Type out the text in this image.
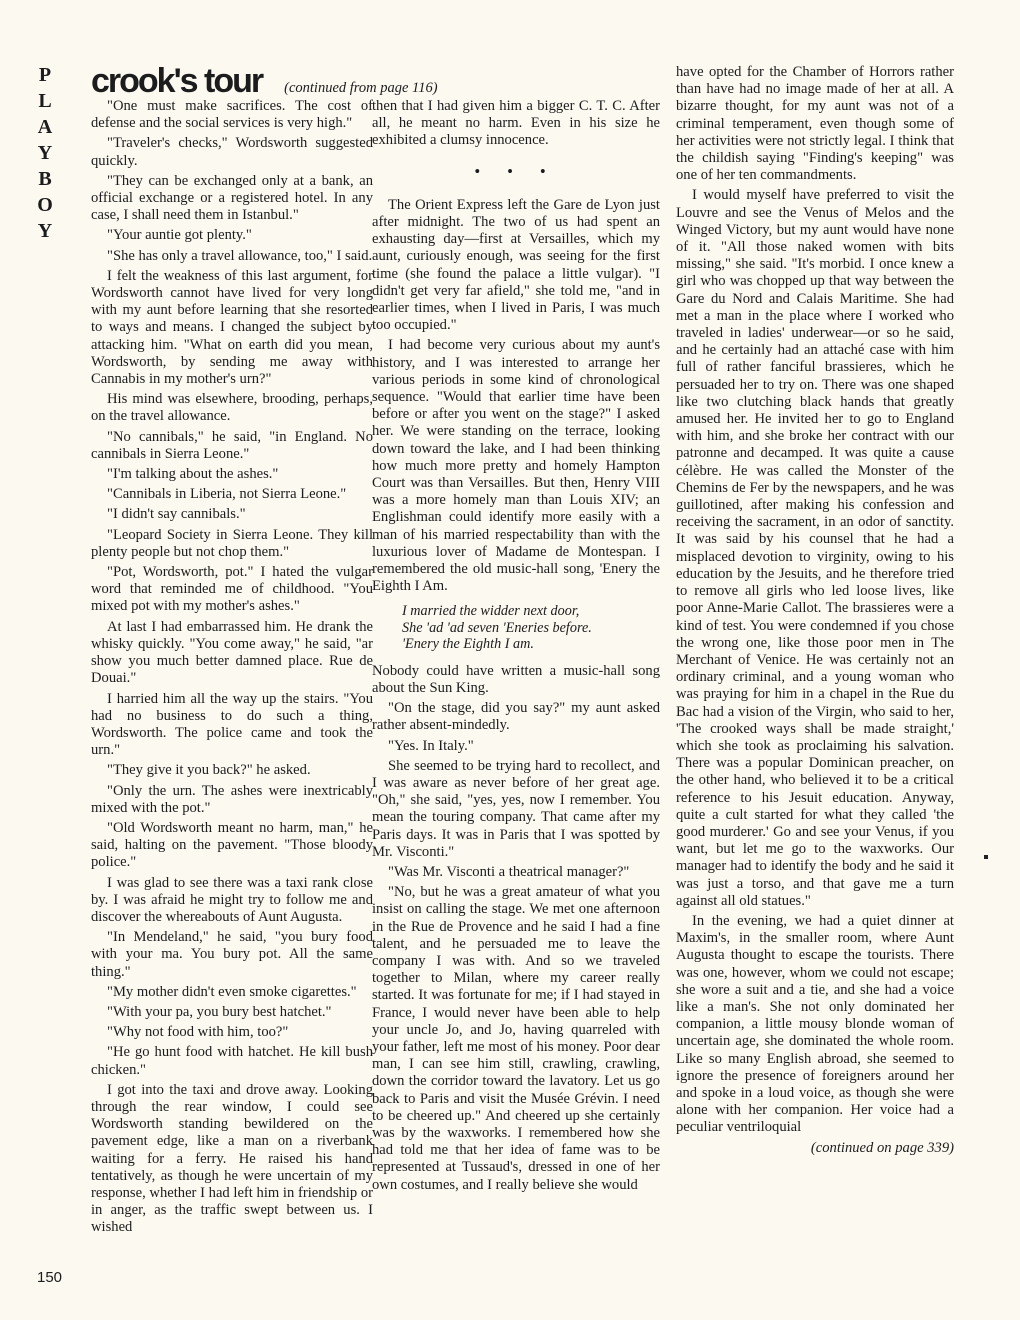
P
L
A
Y
B
O
Y
crook's tour (continued from page 116)

"One must make sacrifices. The cost of defense and the social services is very high."

"Traveler's checks," Wordsworth suggested quickly.

"They can be exchanged only at a bank, an official exchange or a registered hotel. In any case, I shall need them in Istanbul."

"Your auntie got plenty."

"She has only a travel allowance, too," I said.

I felt the weakness of this last argument, for Wordsworth cannot have lived for very long with my aunt before learning that she resorted to ways and means. I changed the subject by attacking him. "What on earth did you mean, Wordsworth, by sending me away with Cannabis in my mother's urn?"

His mind was elsewhere, brooding, perhaps, on the travel allowance.

"No cannibals," he said, "in England. No cannibals in Sierra Leone."

"I'm talking about the ashes."

"Cannibals in Liberia, not Sierra Leone."

"I didn't say cannibals."

"Leopard Society in Sierra Leone. They kill plenty people but not chop them."

"Pot, Wordsworth, pot." I hated the vulgar word that reminded me of childhood. "You mixed pot with my mother's ashes."

At last I had embarrassed him. He drank the whisky quickly. "You come away," he said, "ar show you much better damned place. Rue de Douai."

I harried him all the way up the stairs. "You had no business to do such a thing, Wordsworth. The police came and took the urn."

"They give it you back?" he asked.

"Only the urn. The ashes were inextricably mixed with the pot."

"Old Wordsworth meant no harm, man," he said, halting on the pavement. "Those bloody police."

I was glad to see there was a taxi rank close by. I was afraid he might try to follow me and discover the whereabouts of Aunt Augusta.

"In Mendeland," he said, "you bury food with your ma. You bury pot. All the same thing."

"My mother didn't even smoke cigarettes."

"With your pa, you bury best hatchet."

"Why not food with him, too?"

"He go hunt food with hatchet. He kill bush chicken."

I got into the taxi and drove away. Looking through the rear window, I could see Wordsworth standing bewildered on the pavement edge, like a man on a riverbank waiting for a ferry. He raised his hand tentatively, as though he were uncertain of my response, whether I had left him in friendship or in anger, as the traffic swept between us. I wished

then that I had given him a bigger C. T. C. After all, he meant no harm. Even in his size he exhibited a clumsy innocence.

• • •

The Orient Express left the Gare de Lyon just after midnight. The two of us had spent an exhausting day—first at Versailles, which my aunt, curiously enough, was seeing for the first time (she found the palace a little vulgar). "I didn't get very far afield," she told me, "and in earlier times, when I lived in Paris, I was much too occupied."

I had become very curious about my aunt's history, and I was interested to arrange her various periods in some kind of chronological sequence. "Would that earlier time have been before or after you went on the stage?" I asked her. We were standing on the terrace, looking down toward the lake, and I had been thinking how much more pretty and homely Hampton Court was than Versailles. But then, Henry VIII was a more homely man than Louis XIV; an Englishman could identify more easily with a man of his married respectability than with the luxurious lover of Madame de Montespan. I remembered the old music-hall song, 'Enery the Eighth I Am.

I married the widder next door,
She 'ad 'ad seven 'Eneries before.
'Enery the Eighth I am.

Nobody could have written a music-hall song about the Sun King.

"On the stage, did you say?" my aunt asked rather absent-mindedly.

"Yes. In Italy."

She seemed to be trying hard to recollect, and I was aware as never before of her great age. "Oh," she said, "yes, yes, now I remember. You mean the touring company. That came after my Paris days. It was in Paris that I was spotted by Mr. Visconti."

"Was Mr. Visconti a theatrical manager?"

"No, but he was a great amateur of what you insist on calling the stage. We met one afternoon in the Rue de Provence and he said I had a fine talent, and he persuaded me to leave the company I was with. And so we traveled together to Milan, where my career really started. It was fortunate for me; if I had stayed in France, I would never have been able to help your uncle Jo, and Jo, having quarreled with your father, left me most of his money. Poor dear man, I can see him still, crawling, crawling, down the corridor toward the lavatory. Let us go back to Paris and visit the Musée Grévin. I need to be cheered up." And cheered up she certainly was by the waxworks. I remembered how she had told me that her idea of fame was to be represented at Tussaud's, dressed in one of her own costumes, and I really believe she would

have opted for the Chamber of Horrors rather than have had no image made of her at all. A bizarre thought, for my aunt was not of a criminal temperament, even though some of her activities were not strictly legal. I think that the childish saying "Finding's keeping" was one of her ten commandments.

I would myself have preferred to visit the Louvre and see the Venus of Melos and the Winged Victory, but my aunt would have none of it. "All those naked women with bits missing," she said. "It's morbid. I once knew a girl who was chopped up that way between the Gare du Nord and Calais Maritime. She had met a man in the place where I worked who traveled in ladies' underwear—or so he said, and he certainly had an attaché case with him full of rather fanciful brassieres, which he persuaded her to try on. There was one shaped like two clutching black hands that greatly amused her. He invited her to go to England with him, and she broke her contract with our patronne and decamped. It was quite a cause célèbre. He was called the Monster of the Chemins de Fer by the newspapers, and he was guillotined, after making his confession and receiving the sacrament, in an odor of sanctity. It was said by his counsel that he had a misplaced devotion to virginity, owing to his education by the Jesuits, and he therefore tried to remove all girls who led loose lives, like poor Anne-Marie Callot. The brassieres were a kind of test. You were condemned if you chose the wrong one, like those poor men in The Merchant of Venice. He was certainly not an ordinary criminal, and a young woman who was praying for him in a chapel in the Rue du Bac had a vision of the Virgin, who said to her, 'The crooked ways shall be made straight,' which she took as proclaiming his salvation. There was a popular Dominican preacher, on the other hand, who believed it to be a critical reference to his Jesuit education. Anyway, quite a cult started for what they called 'the good murderer.' Go and see your Venus, if you want, but let me go to the waxworks. Our manager had to identify the body and he said it was just a torso, and that gave me a turn against all old statues."

In the evening, we had a quiet dinner at Maxim's, in the smaller room, where Aunt Augusta thought to escape the tourists. There was one, however, whom we could not escape; she wore a suit and a tie, and she had a voice like a man's. She not only dominated her companion, a little mousy blonde woman of uncertain age, she dominated the whole room. Like so many English abroad, she seemed to ignore the presence of foreigners around her and spoke in a loud voice, as though she were alone with her companion. Her voice had a peculiar ventriloquial

(continued on page 339)
150
